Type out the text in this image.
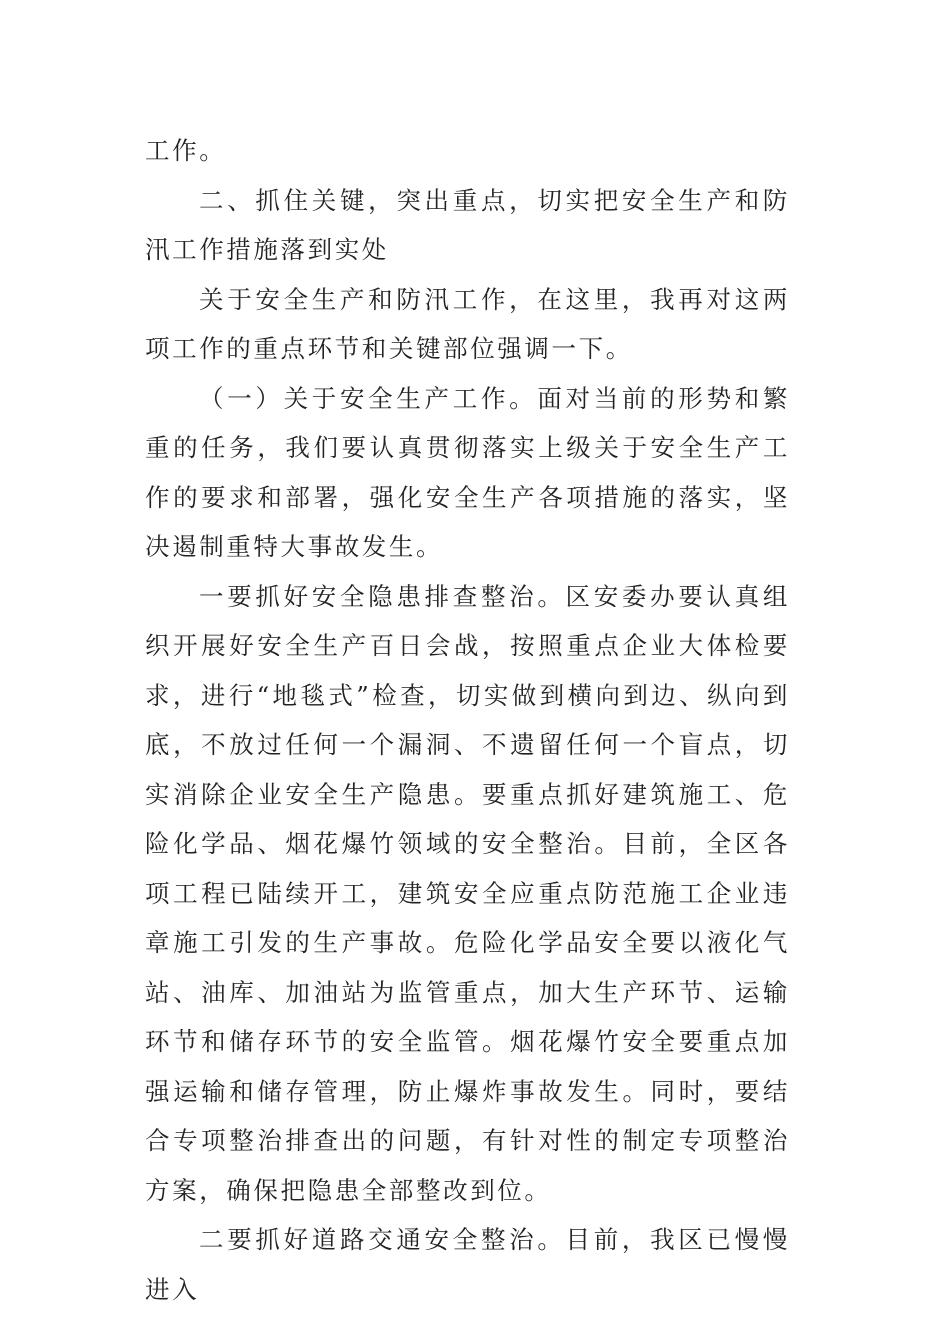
工作。

二、抓住关键，突出重点，切实把安全生产和防汛工作措施落到实处

关于安全生产和防汛工作，在这里，我再对这两项工作的重点环节和关键部位强调一下。

（一）关于安全生产工作。面对当前的形势和繁重的任务，我们要认真贯彻落实上级关于安全生产工作的要求和部署，强化安全生产各项措施的落实，坚决遏制重特大事故发生。

一要抓好安全隐患排查整治。区安委办要认真组织开展好安全生产百日会战，按照重点企业大体检要求，进行“地毯式”检查，切实做到横向到边、纵向到底，不放过任何一个漏洞、不遗留任何一个盲点，切实消除企业安全生产隐患。要重点抓好建筑施工、危险化学品、烟花爆竹领域的安全整治。目前，全区各项工程已陆续开工，建筑安全应重点防范施工企业违章施工引发的生产事故。危险化学品安全要以液化气站、油库、加油站为监管重点，加大生产环节、运输环节和储存环节的安全监管。烟花爆竹安全要重点加强运输和储存管理，防止爆炸事故发生。同时，要结合专项整治排查出的问题，有针对性的制定专项整治方案，确保把隐患全部整改到位。

二要抓好道路交通安全整治。目前，我区已慢慢进入
